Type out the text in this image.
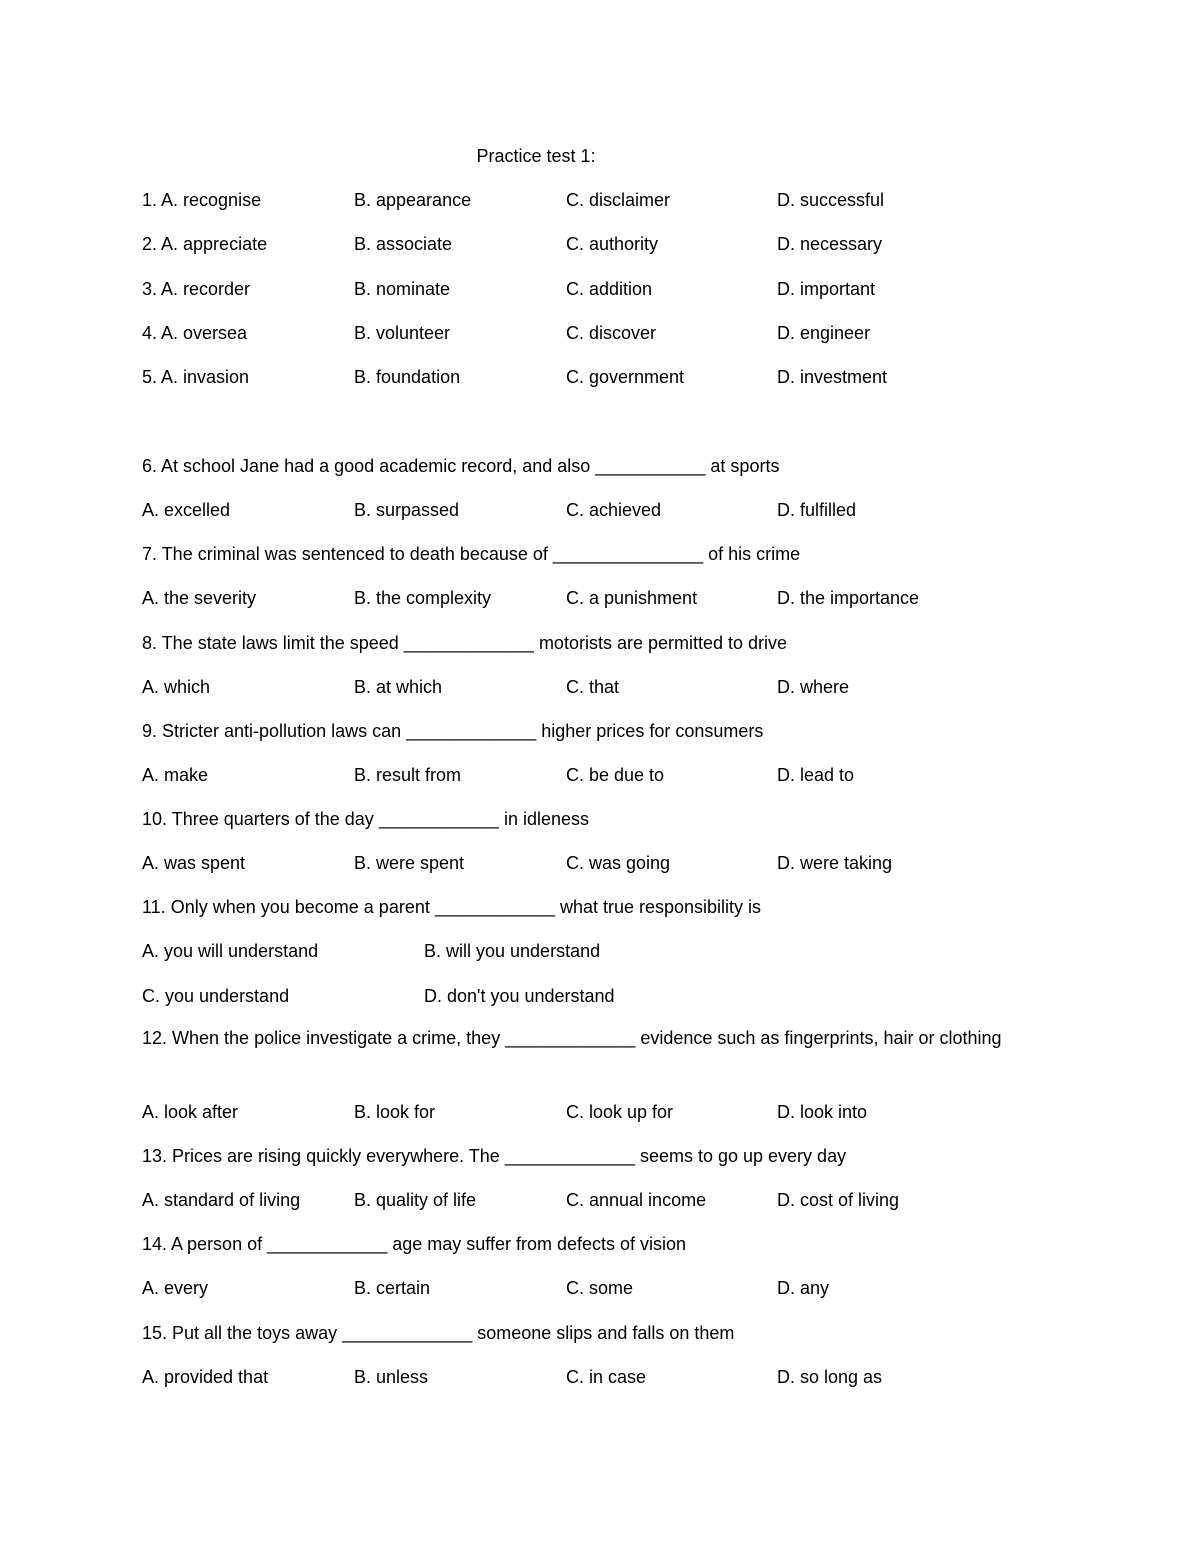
Practice test 1:
1. A. recognise	B. appearance	C. disclaimer	D. successful
2. A. appreciate	B. associate	C. authority	D. necessary
3. A. recorder	B. nominate	C. addition	D. important
4. A. oversea	B. volunteer	C. discover	D. engineer
5. A. invasion	B. foundation	C. government	D. investment
6. At school Jane had a good academic record, and also ___________ at sports
A. excelled	B. surpassed	C. achieved	D. fulfilled
7. The criminal was sentenced to death because of _______________ of his crime
A. the severity	B. the complexity	C. a punishment	D. the importance
8. The state laws limit the speed _____________ motorists are permitted to drive
A. which	B. at which	C. that	D. where
9. Stricter anti-pollution laws can _____________ higher prices for consumers
A. make	B. result from	C. be due to	D. lead to
10. Three quarters of the day ____________ in idleness
A. was spent	B. were spent	C. was going	D. were taking
11. Only when you become a parent ____________ what true responsibility is
A. you will understand	B. will you understand
C. you understand	D. don't you understand
12. When the police investigate a crime, they _____________ evidence such as fingerprints, hair or clothing
A. look after	B. look for	C. look up for	D. look into
13. Prices are rising quickly everywhere. The _____________ seems to go up every day
A. standard of living	B. quality of life	C. annual income	D. cost of living
14. A person of ____________ age may suffer from defects of vision
A. every	B. certain	C. some	D. any
15. Put all the toys away _____________ someone slips and falls on them
A. provided that	B. unless	C. in case	D. so long as
